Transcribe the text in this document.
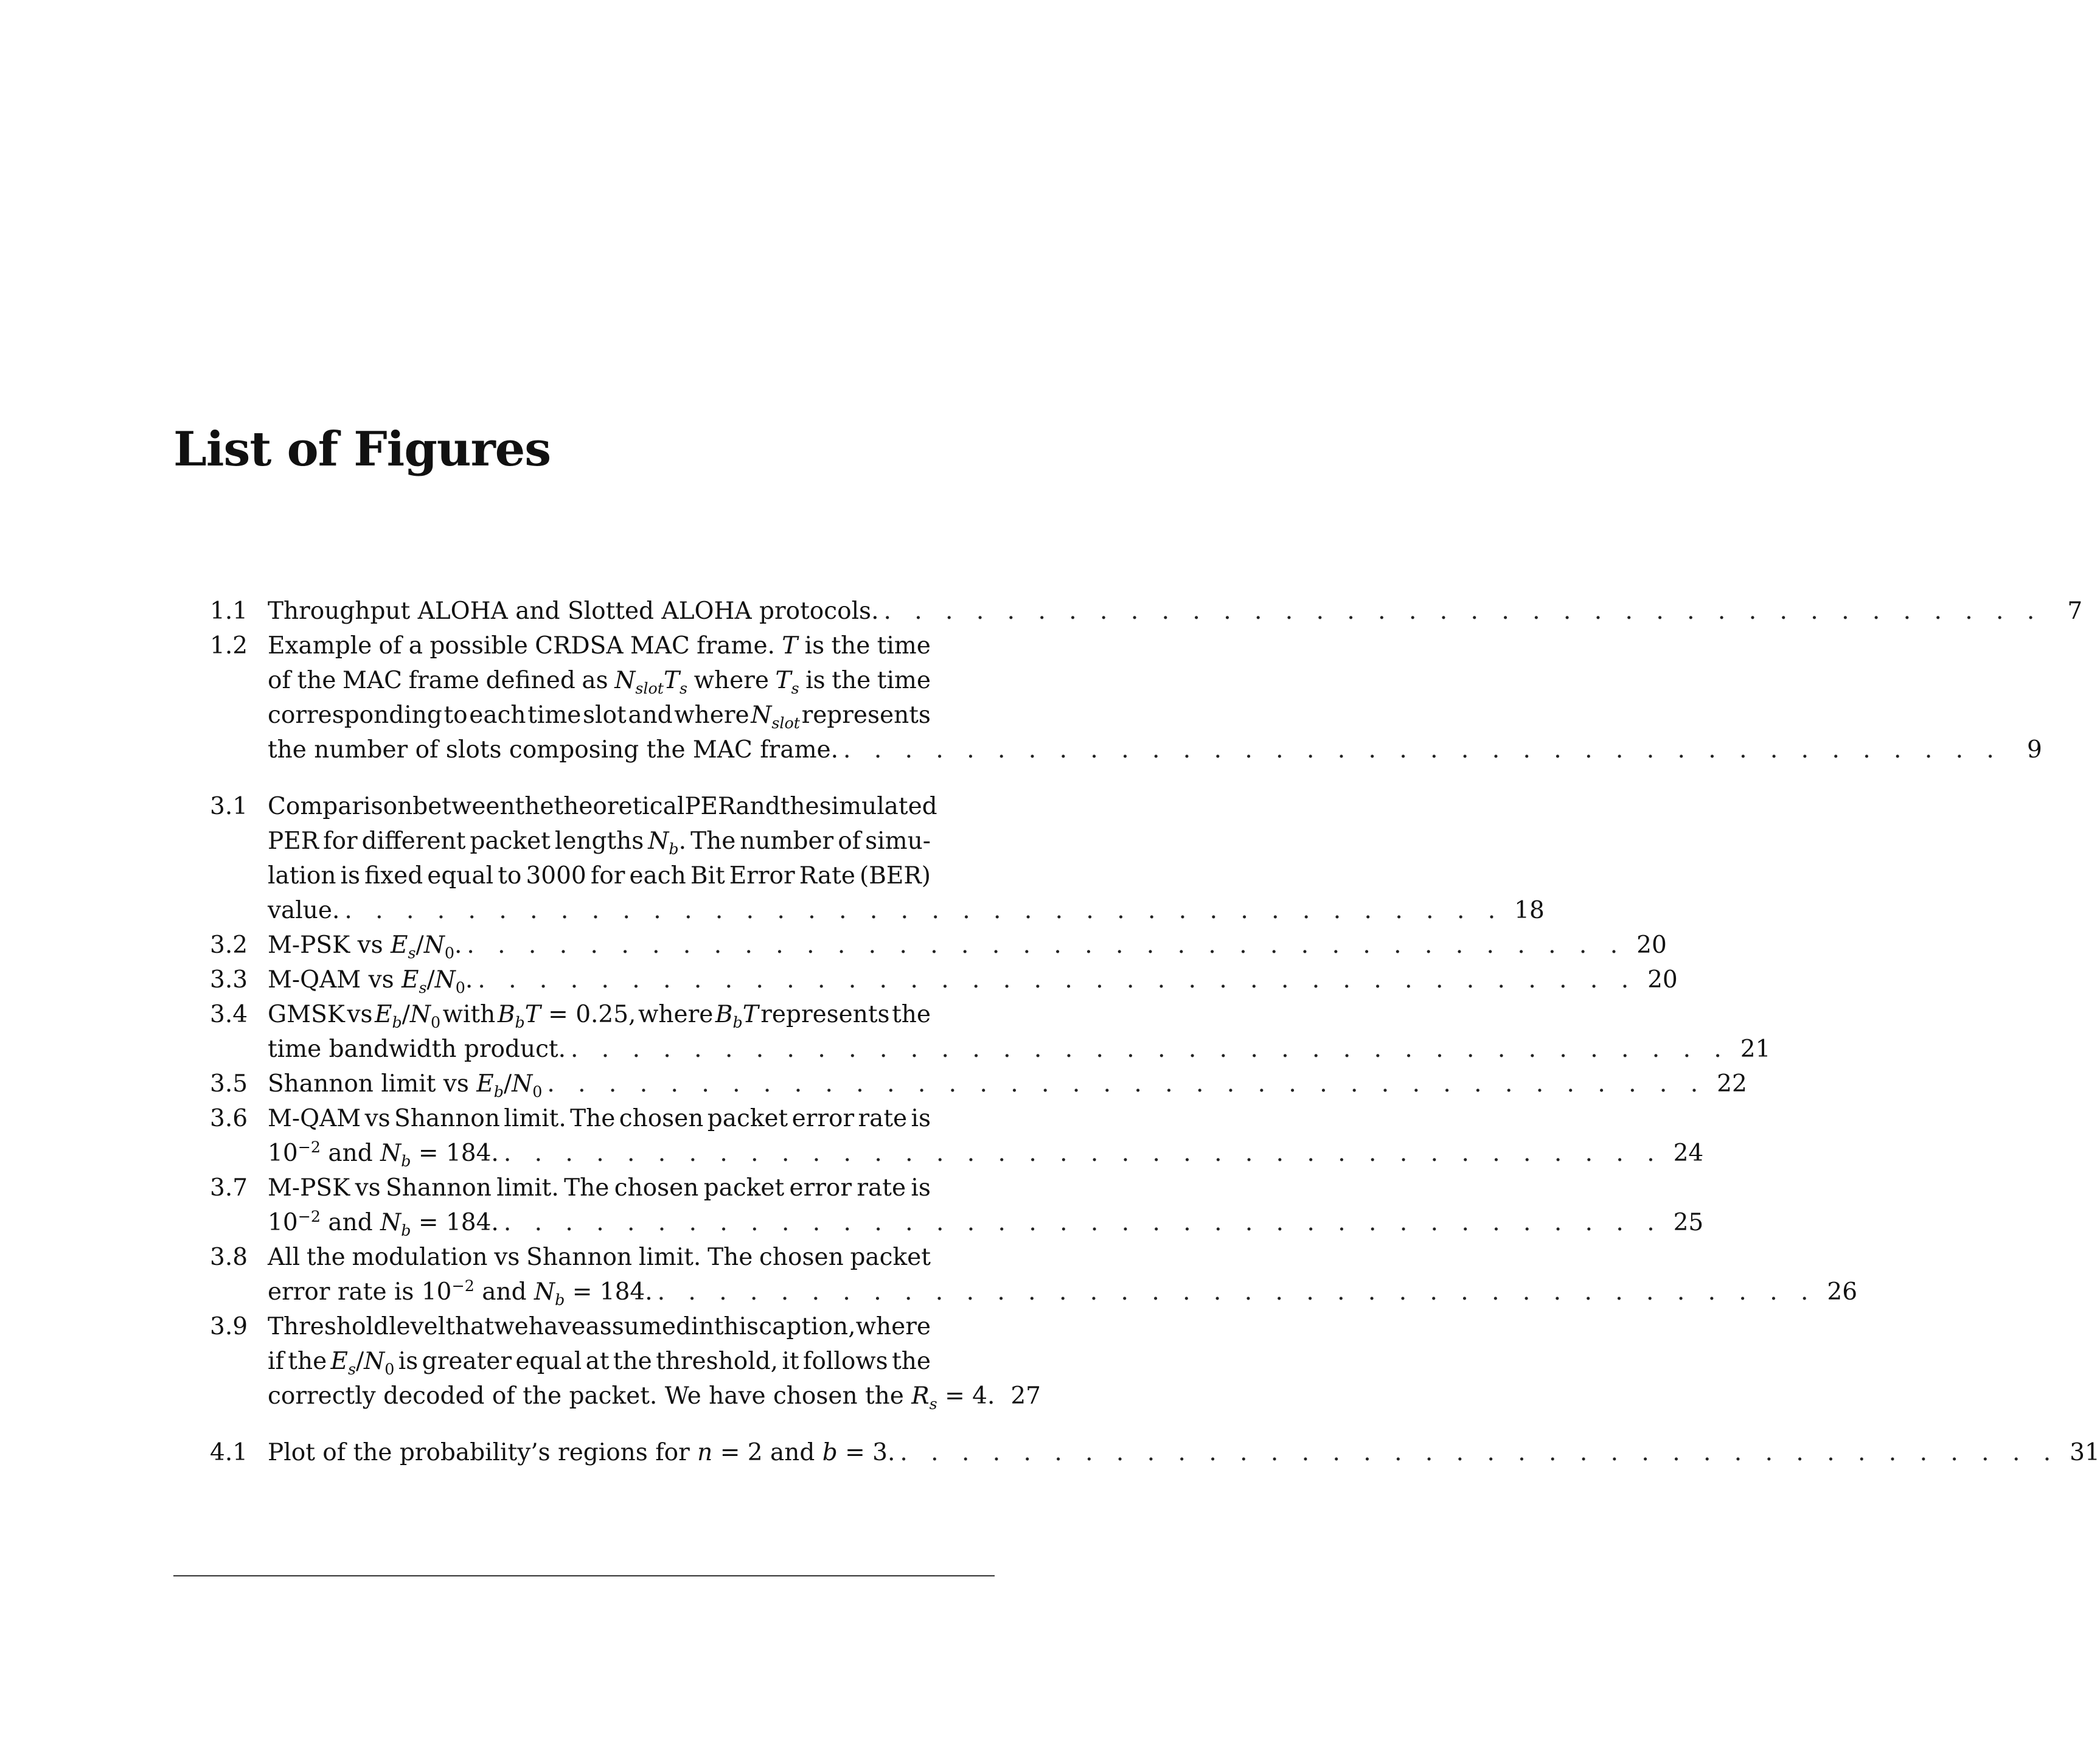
List of Figures
1.1 Throughput ALOHA and Slotted ALOHA protocols. . . . . . . . . . . . . . . . . . . . . . . . . . . . . . . . . . . . . . .	7
1.2 Example of a possible CRDSA MAC frame. T is the time
of the MAC frame defined as $N_{slot}T_s$ where $T_s$ is the time
corresponding to each time slot and where $N_{slot}$ represents
the number of slots composing the MAC frame. . . . . . . . . . . . . . . . . . . . . . . . . . . . . . . . . . . . . . .	9
3.1 Comparison between the theoretical PER and the simulated
PER for different packet lengths $N_b$. The number of simu-
lation is fixed equal to 3000 for each Bit Error Rate (BER)
value. . . . . . . . . . . . . . . . . . . . . . . . . . . . . . . . . . . . . . . 18
3.2 M-PSK vs $E_s/N_0$. . . . . . . . . . . . . . . . . . . . . . . . . . . . . . . . . . . . . . . 20
3.3 M-QAM vs $E_s/N_0$. . . . . . . . . . . . . . . . . . . . . . . . . . . . . . . . . . . . . . . 20
3.4 GMSK vs $E_b/N_0$ with $B_bT = 0.25$, where $B_bT$ represents the
time bandwidth product. . . . . . . . . . . . . . . . . . . . . . . . . . . . . . . . . . . . . . . 21
3.5 Shannon limit vs $E_b/N_0$ . . . . . . . . . . . . . . . . . . . . . . . . . . . . . . . . . . . . . . 22
3.6 M-QAM vs Shannon limit. The chosen packet error rate is
$10^{-2}$ and $N_b = 184$. . . . . . . . . . . . . . . . . . . . . . . . . . . . . . . . . . . . . . . 24
3.7 M-PSK vs Shannon limit. The chosen packet error rate is
$10^{-2}$ and $N_b = 184$. . . . . . . . . . . . . . . . . . . . . . . . . . . . . . . . . . . . . . . 25
3.8 All the modulation vs Shannon limit. The chosen packet
error rate is $10^{-2}$ and $N_b = 184$. . . . . . . . . . . . . . . . . . . . . . . . . . . . . . . . . . . . . . . 26
3.9 Threshold level that we have assumed in this caption, where
if the $E_s/N_0$ is greater equal at the threshold, it follows the
correctly decoded of the packet. We have chosen the $R_s = 4$. 27
4.1 Plot of the probability’s regions for n = 2 and b = 3. . . . . . . . . . . . . . . . . . . . . . . . . . . . . . . . . . . . . . . 31
